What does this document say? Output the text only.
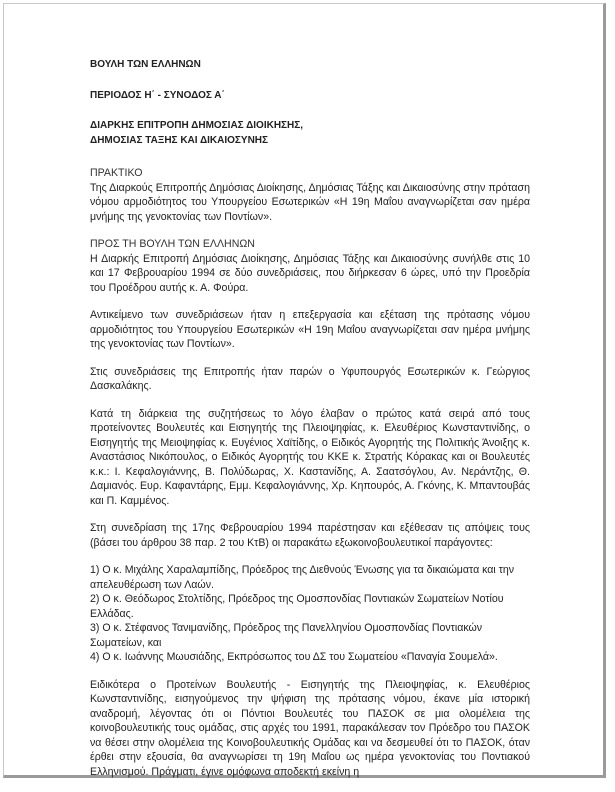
ΒΟΥΛΗ ΤΩΝ ΕΛΛΗΝΩΝ

ΠΕΡΙΟΔΟΣ Η΄ - ΣΥΝΟΔΟΣ Α΄

ΔΙΑΡΚΗΣ ΕΠΙΤΡΟΠΗ ΔΗΜΟΣΙΑΣ ΔΙΟΙΚΗΣΗΣ,

ΔΗΜΟΣΙΑΣ ΤΑΞΗΣ ΚΑΙ ΔΙΚΑΙΟΣΥΝΗΣ

ΠΡΑΚΤΙΚΟ

Της Διαρκούς Επιτροπής Δημόσιας Διοίκησης, Δημόσιας Τάξης και Δικαιοσύνης στην πρόταση νόμου αρμοδιότητος του Υπουργείου Εσωτερικών «Η 19η Μαΐου αναγνωρίζεται σαν ημέρα μνήμης της γενοκτονίας των Ποντίων».

ΠΡΟΣ ΤΗ ΒΟΥΛΗ ΤΩΝ ΕΛΛΗΝΩΝ

Η Διαρκής Επιτροπή Δημόσιας Διοίκησης, Δημόσιας Τάξης και Δικαιοσύνης συνήλθε στις 10 και 17 Φεβρουαρίου 1994 σε δύο συνεδριάσεις, που διήρκεσαν 6 ώρες, υπό την Προεδρία του Προέδρου αυτής κ. Α. Φούρα.

Αντικείμενο των συνεδριάσεων ήταν η επεξεργασία και εξέταση της πρότασης νόμου αρμοδιότητος του Υπουργείου Εσωτερικών «Η 19η Μαΐου αναγνωρίζεται σαν ημέρα μνήμης της γενοκτονίας των Ποντίων».

Στις συνεδριάσεις της Επιτροπής ήταν παρών ο Υφυπουργός Εσωτερικών κ. Γεώργιος Δασκαλάκης.

Κατά τη διάρκεια της συζητήσεως το λόγο έλαβαν ο πρώτος κατά σειρά από τους προτείνοντες Βουλευτές και Εισηγητής της Πλειοψηφίας, κ. Ελευθέριος Κωνσταντινίδης, ο Εισηγητής της Μειοψηφίας κ. Ευγένιος Χαϊτίδης, ο Ειδικός Αγορητής της Πολιτικής Άνοιξης κ. Αναστάσιος Νικόπουλος, ο Ειδικός Αγορητής του ΚΚΕ κ. Στρατής Κόρακας και οι Βουλευτές κ.κ.: Ι. Κεφαλογιάννης, Β. Πολύδωρας, Χ. Καστανίδης, Α. Σαατσόγλου, Αν. Νεράντζης, Θ. Δαμιανός. Ευρ. Καφαντάρης, Εμμ. Κεφαλογιάννης, Χρ. Κηπουρός, Α. Γκόνης, Κ. Μπαντουβάς και Π. Καμμένος.

Στη συνεδρίαση της 17ης Φεβρουαρίου 1994 παρέστησαν και εξέθεσαν τις απόψεις τους (βάσει του άρθρου 38 παρ. 2 του ΚτΒ) οι παρακάτω εξωκοινοβουλευτικοί παράγοντες:

1) Ο κ. Μιχάλης Χαραλαμπίδης, Πρόεδρος της Διεθνούς Ένωσης για τα δικαιώματα και την απελευθέρωση των Λαών.

2) Ο κ. Θεόδωρος Στολτίδης, Πρόεδρος της Ομοσπονδίας Ποντιακών Σωματείων Νοτίου Ελλάδας.

3) Ο κ. Στέφανος Τανιμανίδης, Πρόεδρος της Πανελληνίου Ομοσπονδίας Ποντιακών Σωματείων, και

4) Ο κ. Ιωάννης Μωυσιάδης, Εκπρόσωπος του ΔΣ του Σωματείου «Παναγία Σουμελά».

Ειδικότερα ο Προτείνων Βουλευτής - Εισηγητής της Πλειοψηφίας, κ. Ελευθέριος Κωνσταντινίδης, εισηγούμενος την ψήφιση της πρότασης νόμου, έκανε μία ιστορική αναδρομή, λέγοντας ότι οι Πόντιοι Βουλευτές του ΠΑΣΟΚ σε μια ολομέλεια της κοινοβουλευτικής τους ομάδας, στις αρχές του 1991, παρακάλεσαν τον Πρόεδρο του ΠΑΣΟΚ να θέσει στην ολομέλεια της Κοινοβουλευτικής Ομάδας και να δεσμευθεί ότι το ΠΑΣΟΚ, όταν έρθει στην εξουσία, θα αναγνωρίσει τη 19η Μαΐου ως ημέρα γενοκτονίας του Ποντιακού Ελληνισμού. Πράγματι, έγινε ομόφωνα αποδεκτή εκείνη η
